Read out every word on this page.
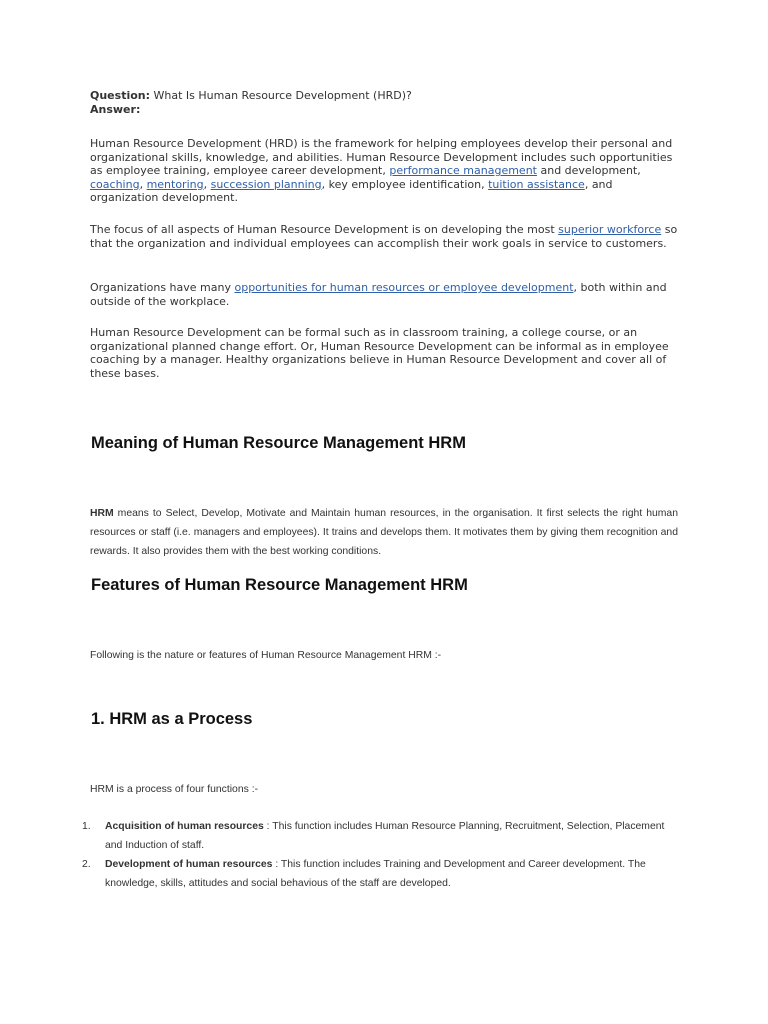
Question: What Is Human Resource Development (HRD)?
Answer:

Human Resource Development (HRD) is the framework for helping employees develop their personal and organizational skills, knowledge, and abilities. Human Resource Development includes such opportunities as employee training, employee career development, performance management and development, coaching, mentoring, succession planning, key employee identification, tuition assistance, and organization development.

The focus of all aspects of Human Resource Development is on developing the most superior workforce so that the organization and individual employees can accomplish their work goals in service to customers.

Organizations have many opportunities for human resources or employee development, both within and outside of the workplace.

Human Resource Development can be formal such as in classroom training, a college course, or an organizational planned change effort. Or, Human Resource Development can be informal as in employee coaching by a manager. Healthy organizations believe in Human Resource Development and cover all of these bases.

Meaning of Human Resource Management HRM

HRM means to Select, Develop, Motivate and Maintain human resources, in the organisation. It first selects the right human resources or staff (i.e. managers and employees). It trains and develops them. It motivates them by giving them recognition and rewards. It also provides them with the best working conditions.

Features of Human Resource Management HRM

Following is the nature or features of Human Resource Management HRM :-

1. HRM as a Process

HRM is a process of four functions :-

1. Acquisition of human resources : This function includes Human Resource Planning, Recruitment, Selection, Placement and Induction of staff.
2. Development of human resources : This function includes Training and Development and Career development. The knowledge, skills, attitudes and social behavious of the staff are developed.
